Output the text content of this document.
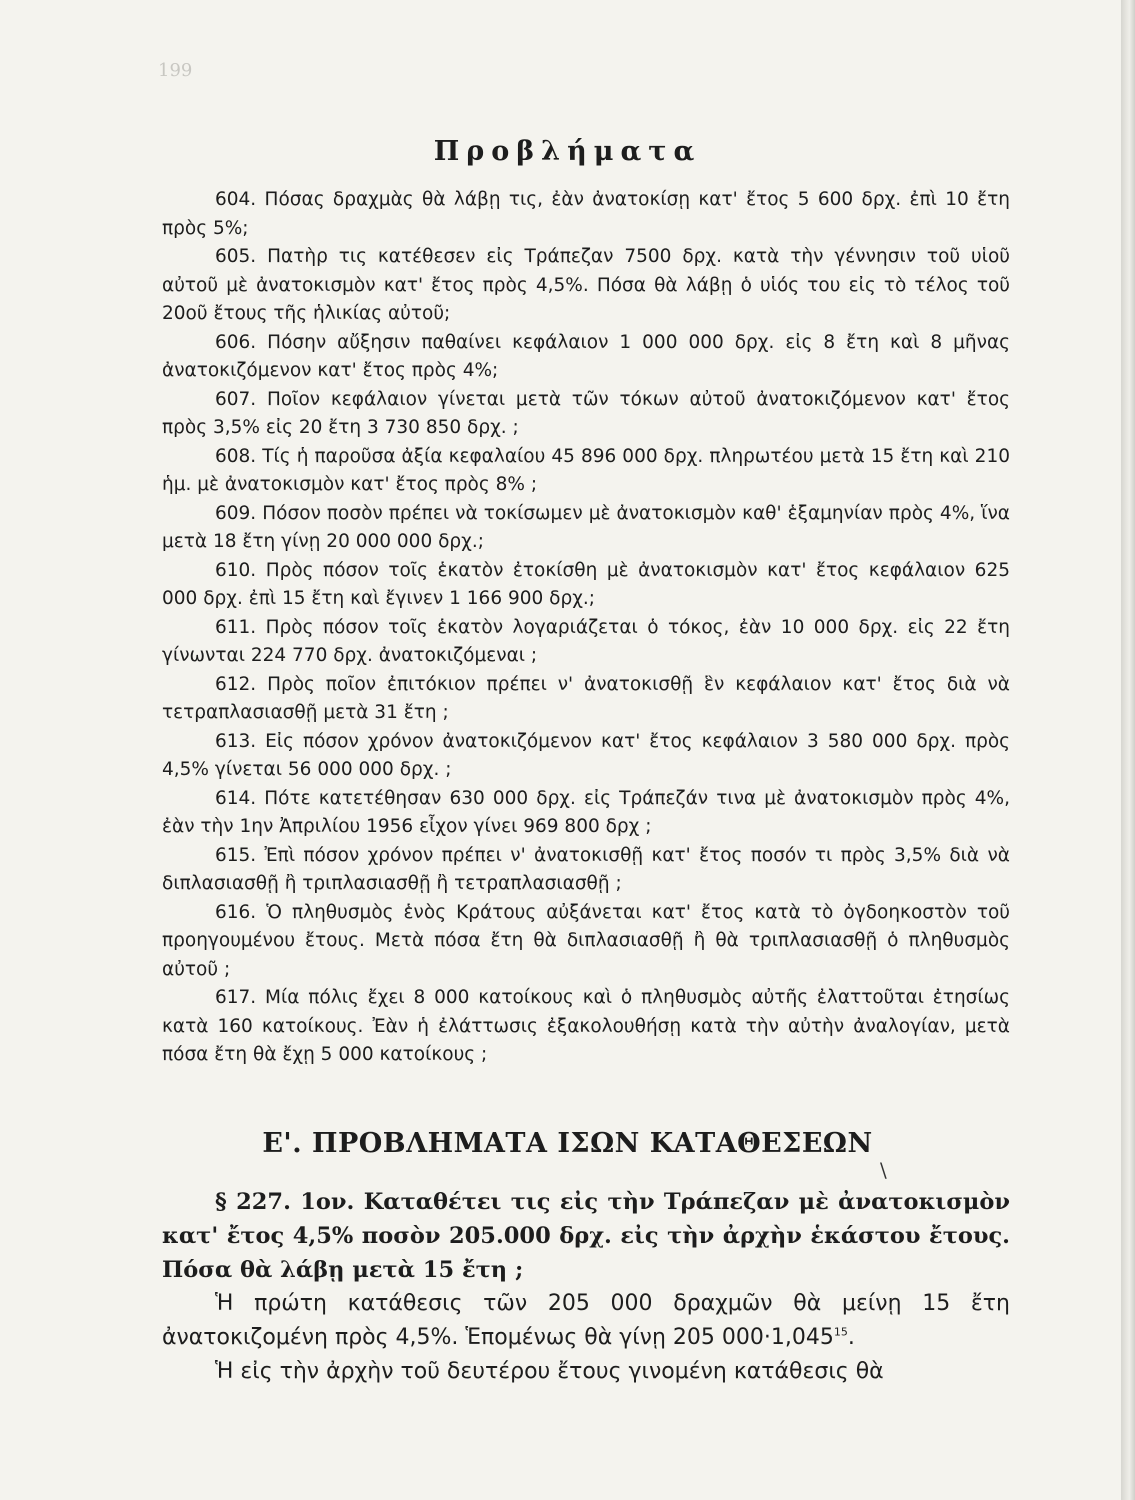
199
Προβλήματα

604. Πόσας δραχμὰς θὰ λάβῃ τις, ἐὰν ἀνατοκίσῃ κατ' ἔτος 5 600 δρχ. ἐπὶ 10 ἔτη πρὸς 5%;

605. Πατὴρ τις κατέθεσεν εἰς Τράπεζαν 7500 δρχ. κατὰ τὴν γέννησιν τοῦ υἱοῦ αὐτοῦ μὲ ἀνατοκισμὸν κατ' ἔτος πρὸς 4,5%. Πόσα θὰ λάβῃ ὁ υἱός του εἰς τὸ τέλος τοῦ 20οῦ ἔτους τῆς ἡλικίας αὐτοῦ;

606. Πόσην αὔξησιν παθαίνει κεφάλαιον 1 000 000 δρχ. εἰς 8 ἔτη καὶ 8 μῆνας ἀνατοκιζόμενον κατ' ἔτος πρὸς 4%;

607. Ποῖον κεφάλαιον γίνεται μετὰ τῶν τόκων αὐτοῦ ἀνατοκιζόμενον κατ' ἔτος πρὸς 3,5% εἰς 20 ἔτη 3 730 850 δρχ. ;

608. Τίς ἡ παροῦσα ἀξία κεφαλαίου 45 896 000 δρχ. πληρωτέου μετὰ 15 ἔτη καὶ 210 ἡμ. μὲ ἀνατοκισμὸν κατ' ἔτος πρὸς 8% ;

609. Πόσον ποσὸν πρέπει νὰ τοκίσωμεν μὲ ἀνατοκισμὸν καθ' ἑξαμηνίαν πρὸς 4%, ἵνα μετὰ 18 ἔτη γίνῃ 20 000 000 δρχ.;

610. Πρὸς πόσον τοῖς ἑκατὸν ἐτοκίσθη μὲ ἀνατοκισμὸν κατ' ἔτος κεφάλαιον 625 000 δρχ. ἐπὶ 15 ἔτη καὶ ἔγινεν 1 166 900 δρχ.;

611. Πρὸς πόσον τοῖς ἑκατὸν λογαριάζεται ὁ τόκος, ἐὰν 10 000 δρχ. εἰς 22 ἔτη γίνωνται 224 770 δρχ. ἀνατοκιζόμεναι ;

612. Πρὸς ποῖον ἐπιτόκιον πρέπει ν' ἀνατοκισθῇ ἓν κεφάλαιον κατ' ἔτος διὰ νὰ τετραπλασιασθῇ μετὰ 31 ἔτη ;

613. Εἰς πόσον χρόνον ἀνατοκιζόμενον κατ' ἔτος κεφάλαιον 3 580 000 δρχ. πρὸς 4,5% γίνεται 56 000 000 δρχ. ;

614. Πότε κατετέθησαν 630 000 δρχ. εἰς Τράπεζάν τινα μὲ ἀνατοκισμὸν πρὸς 4%, ἐὰν τὴν 1ην Ἀπριλίου 1956 εἶχον γίνει 969 800 δρχ ;

615. Ἐπὶ πόσον χρόνον πρέπει ν' ἀνατοκισθῇ κατ' ἔτος ποσόν τι πρὸς 3,5% διὰ νὰ διπλασιασθῇ ἢ τριπλασιασθῇ ἢ τετραπλασιασθῇ ;

616. Ὁ πληθυσμὸς ἑνὸς Κράτους αὐξάνεται κατ' ἔτος κατὰ τὸ ὀγδοηκοστὸν τοῦ προηγουμένου ἔτους. Μετὰ πόσα ἔτη θὰ διπλασιασθῇ ἢ θὰ τριπλασιασθῇ ὁ πληθυσμὸς αὐτοῦ ;

617. Μία πόλις ἔχει 8 000 κατοίκους καὶ ὁ πληθυσμὸς αὐτῆς ἐλαττοῦται ἐτησίως κατὰ 160 κατοίκους. Ἐὰν ἡ ἐλάττωσις ἐξακολουθήσῃ κατὰ τὴν αὐτὴν ἀναλογίαν, μετὰ πόσα ἔτη θὰ ἔχῃ 5 000 κατοίκους ;

Ε'. ΠΡΟΒΛΗΜΑΤΑ ΙΣΩΝ ΚΑΤΑΘΕΣΕΩΝ
\

§ 227. 1ον. Καταθέτει τις εἰς τὴν Τράπεζαν μὲ ἀνατοκισμὸν κατ' ἔτος 4,5% ποσὸν 205.000 δρχ. εἰς τὴν ἀρχὴν ἑκάστου ἔτους. Πόσα θὰ λάβῃ μετὰ 15 ἔτη ;

Ἡ πρώτη κατάθεσις τῶν 205 000 δραχμῶν θὰ μείνῃ 15 ἔτη ἀνατοκιζομένη πρὸς 4,5%. Ἑπομένως θὰ γίνῃ 205 $000\cdot 1,045^{15}$.

Ἡ εἰς τὴν ἀρχὴν τοῦ δευτέρου ἔτους γινομένη κατάθεσις θὰ
